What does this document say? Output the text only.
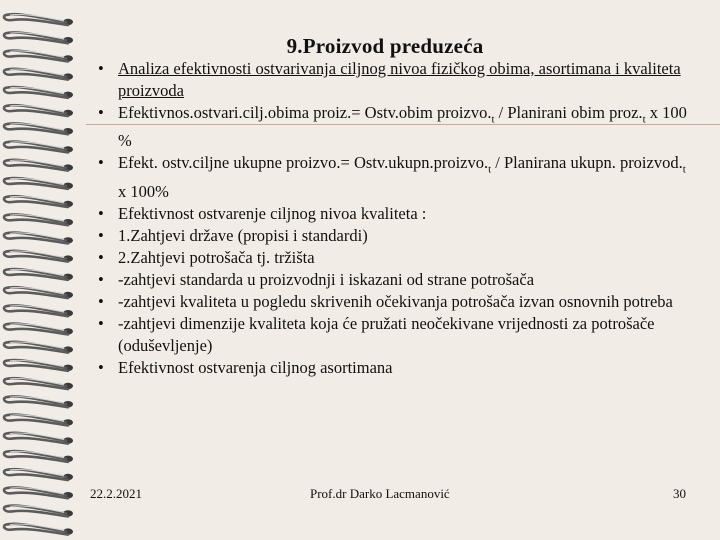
9.Proizvod preduzeća
• Analiza efektivnosti ostvarivanja ciljnog nivoa fizičkog obima, asortimana i kvaliteta proizvoda
• Efektivnos.ostvari.cilj.obima proiz.= Ostv.obim $proizvo._t$ / Planirani obim $proz._t$ x 100 %
• Efekt. ostv.ciljne ukupne proizvo.= $Ostv.ukupn.proizvo._t$ / Planirana ukupn. $proizvod._t$ x 100%
• Efektivnost ostvarenje ciljnog nivoa kvaliteta :
• 1.Zahtjevi države (propisi i standardi)
• 2.Zahtjevi potrošača tj. tržišta
• -zahtjevi standarda u proizvodnji i iskazani od strane potrošača
• -zahtjevi kvaliteta u pogledu skrivenih očekivanja potrošača izvan osnovnih potreba
• -zahtjevi dimenzije kvaliteta koja će pružati neočekivane vrijednosti za potrošače (oduševljenje)
• Efektivnost ostvarenja ciljnog asortimana
22.2.2021	Prof.dr Darko Lacmanović	30
